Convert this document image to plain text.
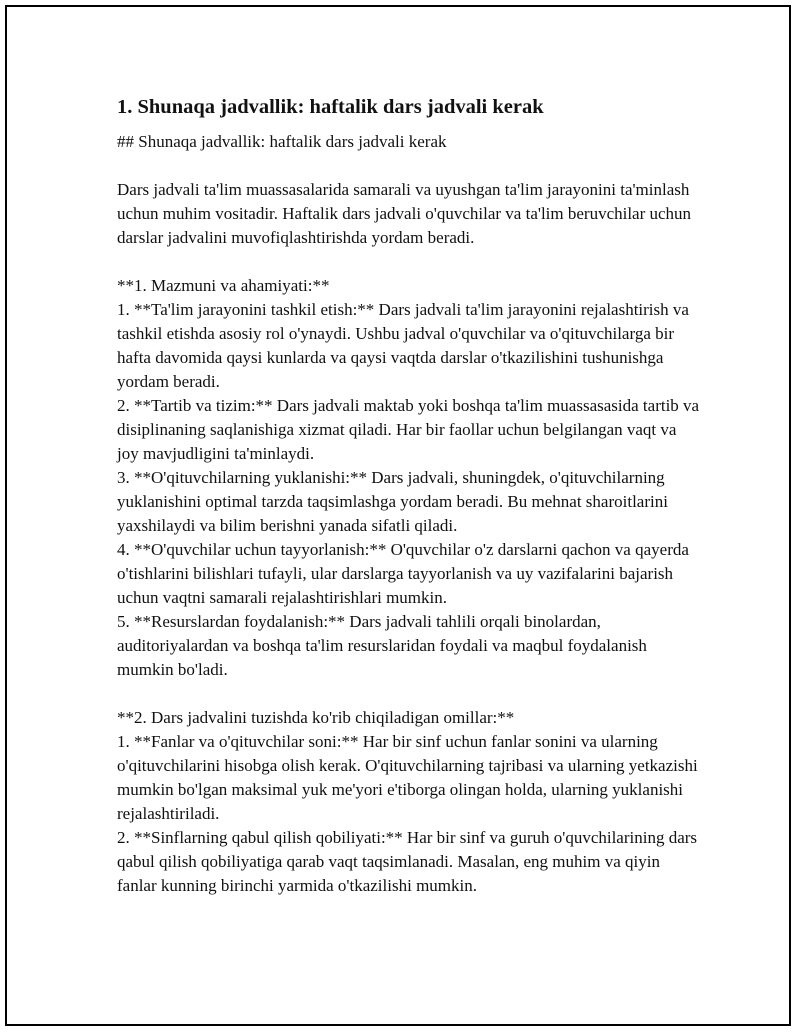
1. Shunaqa jadvallik: haftalik dars jadvali kerak
## Shunaqa jadvallik: haftalik dars jadvali kerak
Dars jadvali ta'lim muassasalarida samarali va uyushgan ta'lim jarayonini ta'minlash uchun muhim vositadir. Haftalik dars jadvali o'quvchilar va ta'lim beruvchilar uchun darslar jadvalini muvofiqlashtirishda yordam beradi.
**1. Mazmuni va ahamiyati:**
1. **Ta'lim jarayonini tashkil etish:** Dars jadvali ta'lim jarayonini rejalashtirish va tashkil etishda asosiy rol o'ynaydi. Ushbu jadval o'quvchilar va o'qituvchilarga bir hafta davomida qaysi kunlarda va qaysi vaqtda darslar o'tkazilishini tushunishga yordam beradi.
2. **Tartib va tizim:** Dars jadvali maktab yoki boshqa ta'lim muassasasida tartib va disiplinaning saqlanishiga xizmat qiladi. Har bir faollar uchun belgilangan vaqt va joy mavjudligini ta'minlaydi.
3. **O'qituvchilarning yuklanishi:** Dars jadvali, shuningdek, o'qituvchilarning yuklanishini optimal tarzda taqsimlashga yordam beradi. Bu mehnat sharoitlarini yaxshilaydi va bilim berishni yanada sifatli qiladi.
4. **O'quvchilar uchun tayyorlanish:** O'quvchilar o'z darslarni qachon va qayerda o'tishlarini bilishlari tufayli, ular darslarga tayyorlanish va uy vazifalarini bajarish uchun vaqtni samarali rejalashtirishlari mumkin.
5. **Resurslardan foydalanish:** Dars jadvali tahlili orqali binolardan, auditoriyalardan va boshqa ta'lim resurslaridan foydali va maqbul foydalanish mumkin bo'ladi.
**2. Dars jadvalini tuzishda ko'rib chiqiladigan omillar:**
1. **Fanlar va o'qituvchilar soni:** Har bir sinf uchun fanlar sonini va ularning o'qituvchilarini hisobga olish kerak. O'qituvchilarning tajribasi va ularning yetkazishi mumkin bo'lgan maksimal yuk me'yori e'tiborga olingan holda, ularning yuklanishi rejalashtiriladi.
2. **Sinflarning qabul qilish qobiliyati:** Har bir sinf va guruh o'quvchilarining dars qabul qilish qobiliyatiga qarab vaqt taqsimlanadi. Masalan, eng muhim va qiyin fanlar kunning birinchi yarmida o'tkazilishi mumkin.
